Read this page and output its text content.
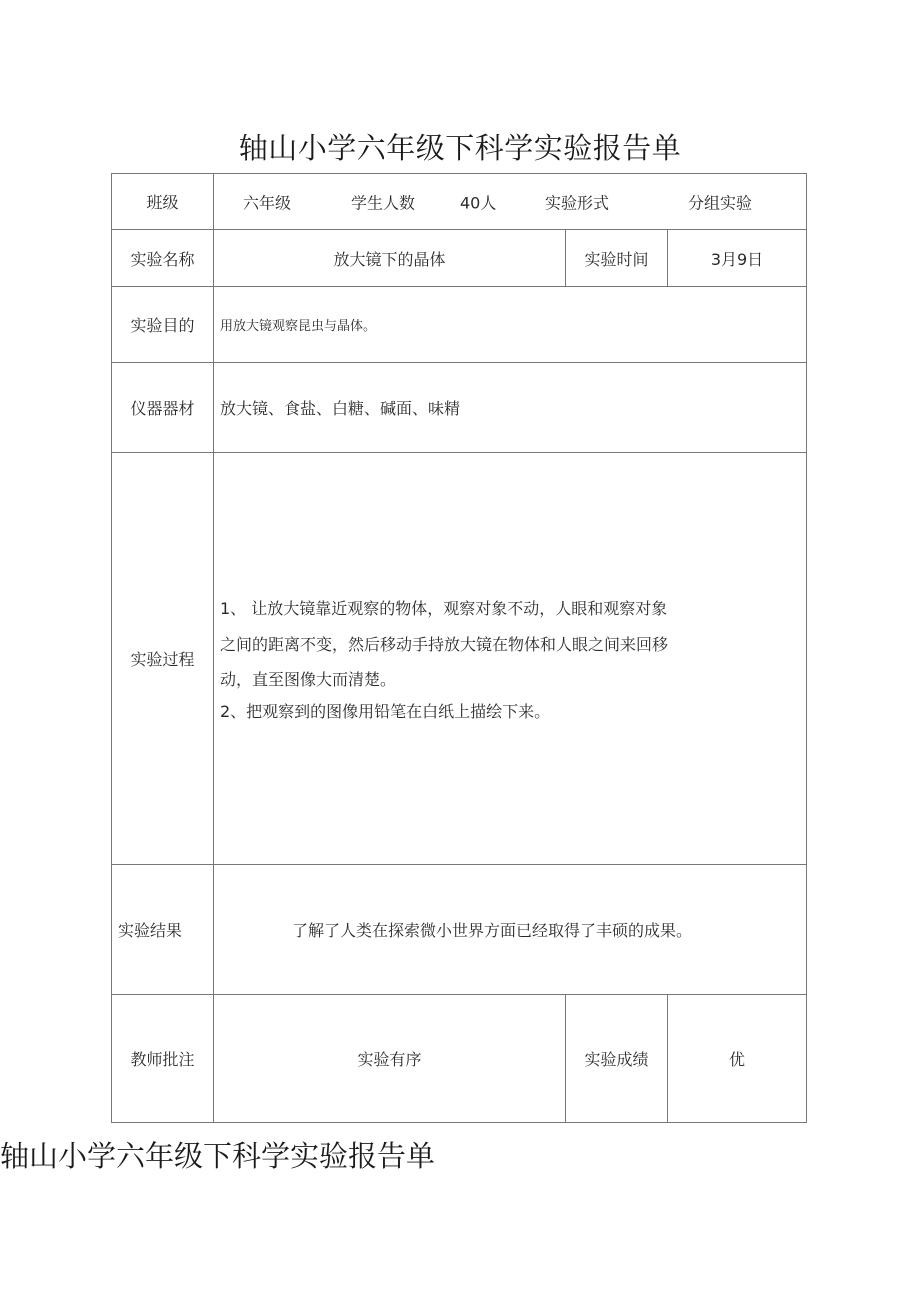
轴山小学六年级下科学实验报告单
班级	六年级 学生人数 40人 实验形式 分组实验		

实验名称	放大镜下的晶体	实验时间	3月9日
实验目的	用放大镜观察昆虫与晶体。		
仪器器材	放大镜、食盐、白糖、碱面、味精		
实验过程	1、 让放大镜靠近观察的物体，观察对象不动，人眼和观察对象

之间的距离不变，然后移动手持放大镜在物体和人眼之间来回移

动，直至图像大而清楚。

2、把观察到的图像用铅笔在白纸上描绘下来。		

实验结果	了解了人类在探索微小世界方面已经取得了丰硕的成果。		
教师批注	实验有序	实验成绩	优
轴山小学六年级下科学实验报告单
